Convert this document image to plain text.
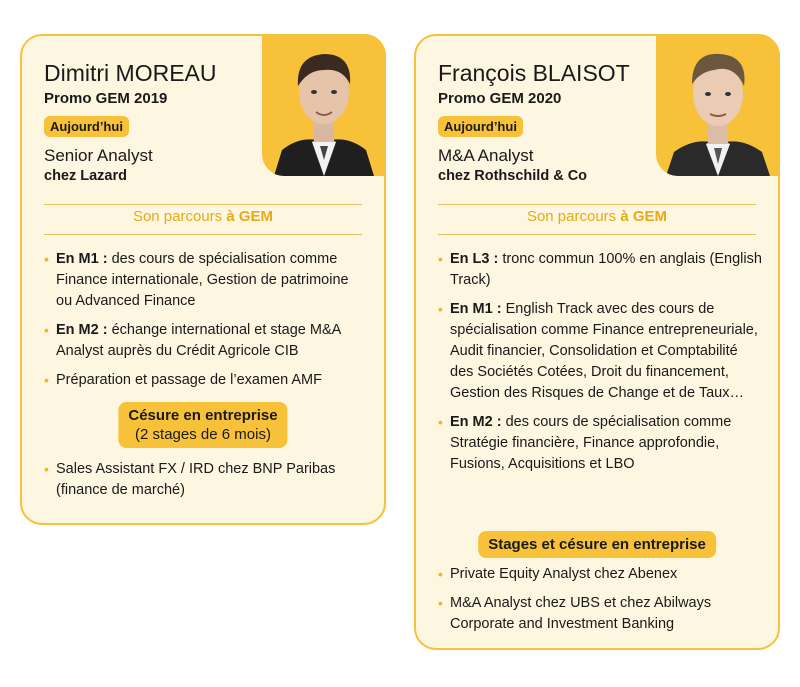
Dimitri MOREAU
Promo GEM 2019
Aujourd’hui
Senior Analyst
chez Lazard
Son parcours à GEM
• En M1 : des cours de spécialisation comme Finance internationale, Gestion de patrimoine ou Advanced Finance
• En M2 : échange international et stage M&A Analyst auprès du Crédit Agricole CIB
• Préparation et passage de l’examen AMF
Césure en entreprise
(2 stages de 6 mois)
• Sales Assistant FX / IRD chez BNP Paribas (finance de marché)
François BLAISOT
Promo GEM 2020
Aujourd’hui
M&A Analyst
chez Rothschild & Co
Son parcours à GEM
• En L3 : tronc commun 100% en anglais (English Track)
• En M1 : English Track avec des cours de spécialisation comme Finance entrepreneuriale, Audit financier, Consolidation et Comptabilité des Sociétés Cotées, Droit du financement, Gestion des Risques de Change et de Taux…
• En M2 : des cours de spécialisation comme Stratégie financière, Finance approfondie, Fusions, Acquisitions et LBO
Stages et césure en entreprise
• Private Equity Analyst chez Abenex
• M&A Analyst chez UBS et chez Abilways Corporate and Investment Banking
